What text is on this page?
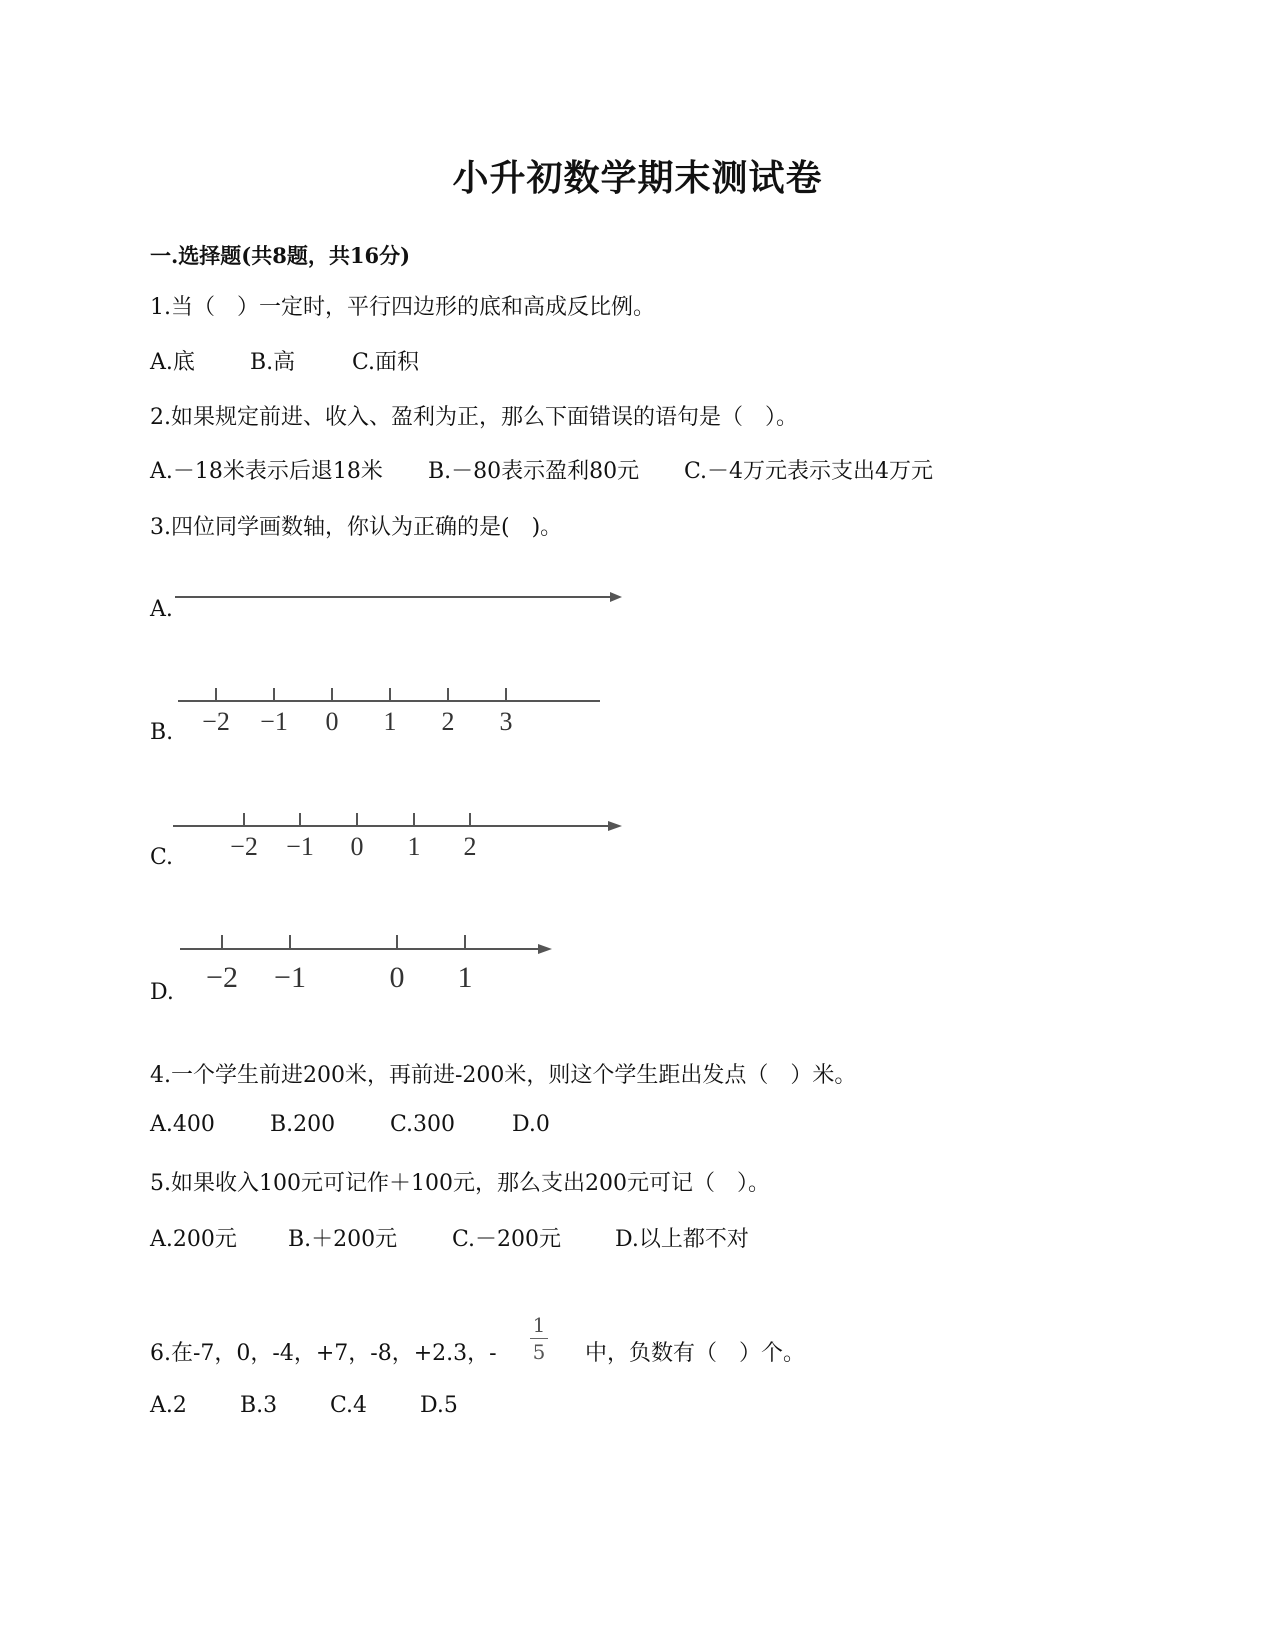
小升初数学期末测试卷
一.选择题(共8题，共16分)
1.当（　）一定时，平行四边形的底和高成反比例。
A.底	B.高	C.面积
2.如果规定前进、收入、盈利为正，那么下面错误的语句是（　）。
A.－18米表示后退18米 B.－80表示盈利80元 C.－4万元表示支出4万元
3.四位同学画数轴，你认为正确的是(　)。
A.
B. −2 −1 0 1 2 3
C. −2 −1 0 1 2
D. −2 −1	0 1
4.一个学生前进200米，再前进-200米，则这个学生距出发点（　）米。
A.400	B.200 C.300	D.0
5.如果收入100元可记作＋100元，那么支出200元可记（　）。
A.200元 B.＋200元 C.－200元 D.以上都不对
6.在-7，0，-4，+7，-8，+2.3，-
1
5	中，负数有（　）个。
A.2 B.3 C.4 D.5
